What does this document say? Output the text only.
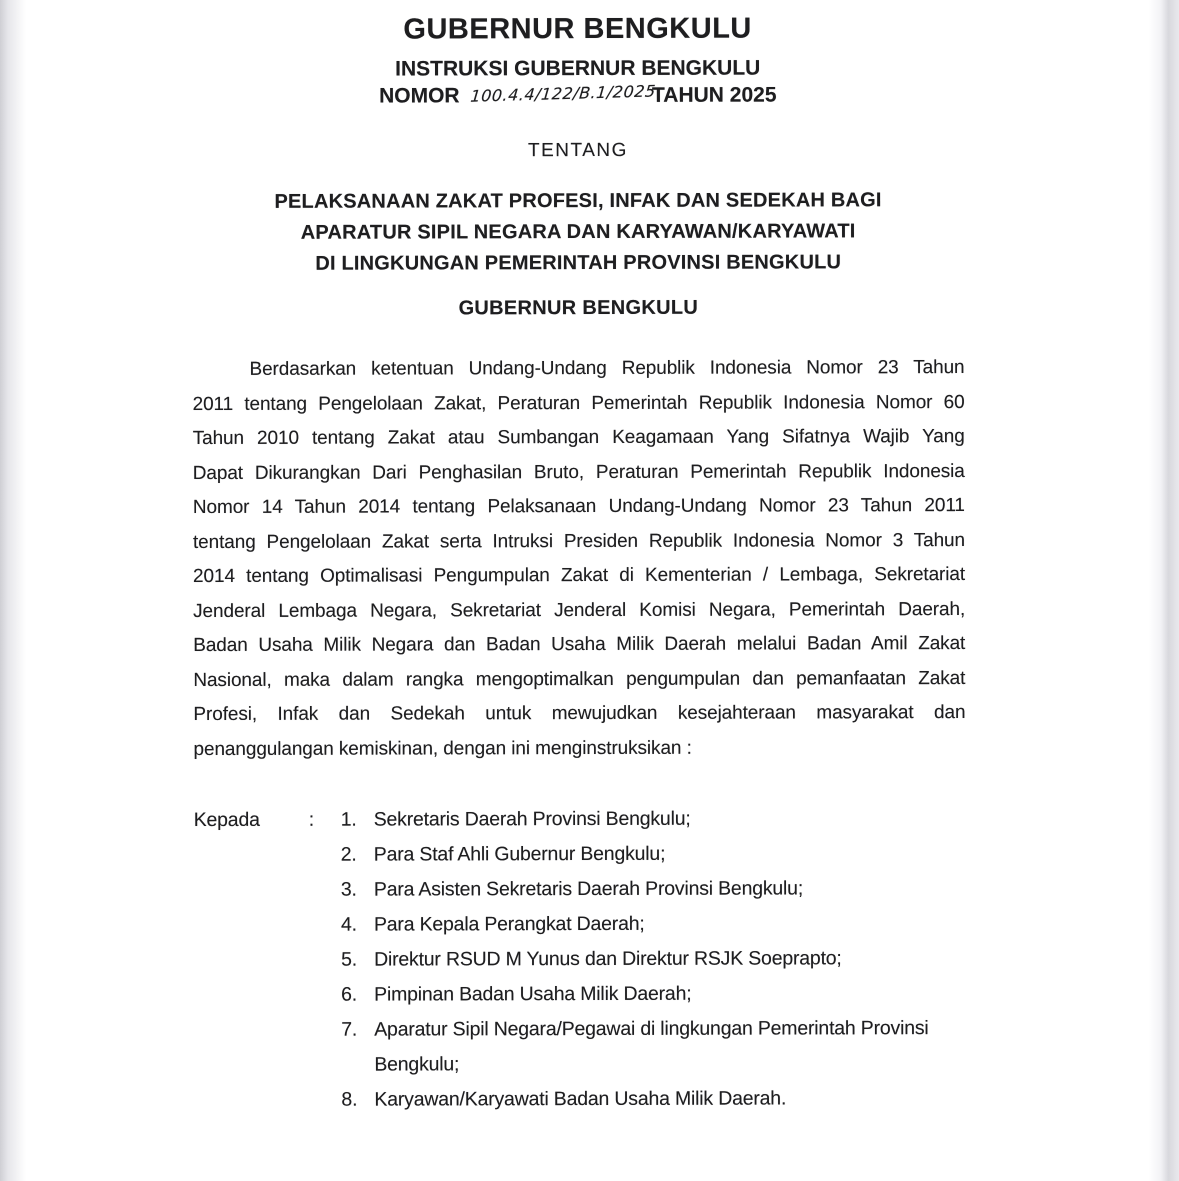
GUBERNUR BENGKULU
INSTRUKSI GUBERNUR BENGKULU
NOMOR 100.4.4/122/B.1/2025 TAHUN 2025
TENTANG
PELAKSANAAN ZAKAT PROFESI, INFAK DAN SEDEKAH BAGI
APARATUR SIPIL NEGARA DAN KARYAWAN/KARYAWATI
DI LINGKUNGAN PEMERINTAH PROVINSI BENGKULU
GUBERNUR BENGKULU
Berdasarkan ketentuan Undang-Undang Republik Indonesia Nomor 23 Tahun
2011 tentang Pengelolaan Zakat, Peraturan Pemerintah Republik Indonesia Nomor 60
Tahun 2010 tentang Zakat atau Sumbangan Keagamaan Yang Sifatnya Wajib Yang
Dapat Dikurangkan Dari Penghasilan Bruto, Peraturan Pemerintah Republik Indonesia
Nomor 14 Tahun 2014 tentang Pelaksanaan Undang-Undang Nomor 23 Tahun 2011
tentang Pengelolaan Zakat serta Intruksi Presiden Republik Indonesia Nomor 3 Tahun
2014 tentang Optimalisasi Pengumpulan Zakat di Kementerian / Lembaga, Sekretariat
Jenderal Lembaga Negara, Sekretariat Jenderal Komisi Negara, Pemerintah Daerah,
Badan Usaha Milik Negara dan Badan Usaha Milik Daerah melalui Badan Amil Zakat
Nasional, maka dalam rangka mengoptimalkan pengumpulan dan pemanfaatan Zakat
Profesi, Infak dan Sedekah untuk mewujudkan kesejahteraan masyarakat dan
penanggulangan kemiskinan, dengan ini menginstruksikan :
Kepada	:	1. Sekretaris Daerah Provinsi Bengkulu;
2. Para Staf Ahli Gubernur Bengkulu;
3. Para Asisten Sekretaris Daerah Provinsi Bengkulu;
4. Para Kepala Perangkat Daerah;
5. Direktur RSUD M Yunus dan Direktur RSJK Soeprapto;
6. Pimpinan Badan Usaha Milik Daerah;
7. Aparatur Sipil Negara/Pegawai di lingkungan Pemerintah Provinsi Bengkulu;
8. Karyawan/Karyawati Badan Usaha Milik Daerah.
